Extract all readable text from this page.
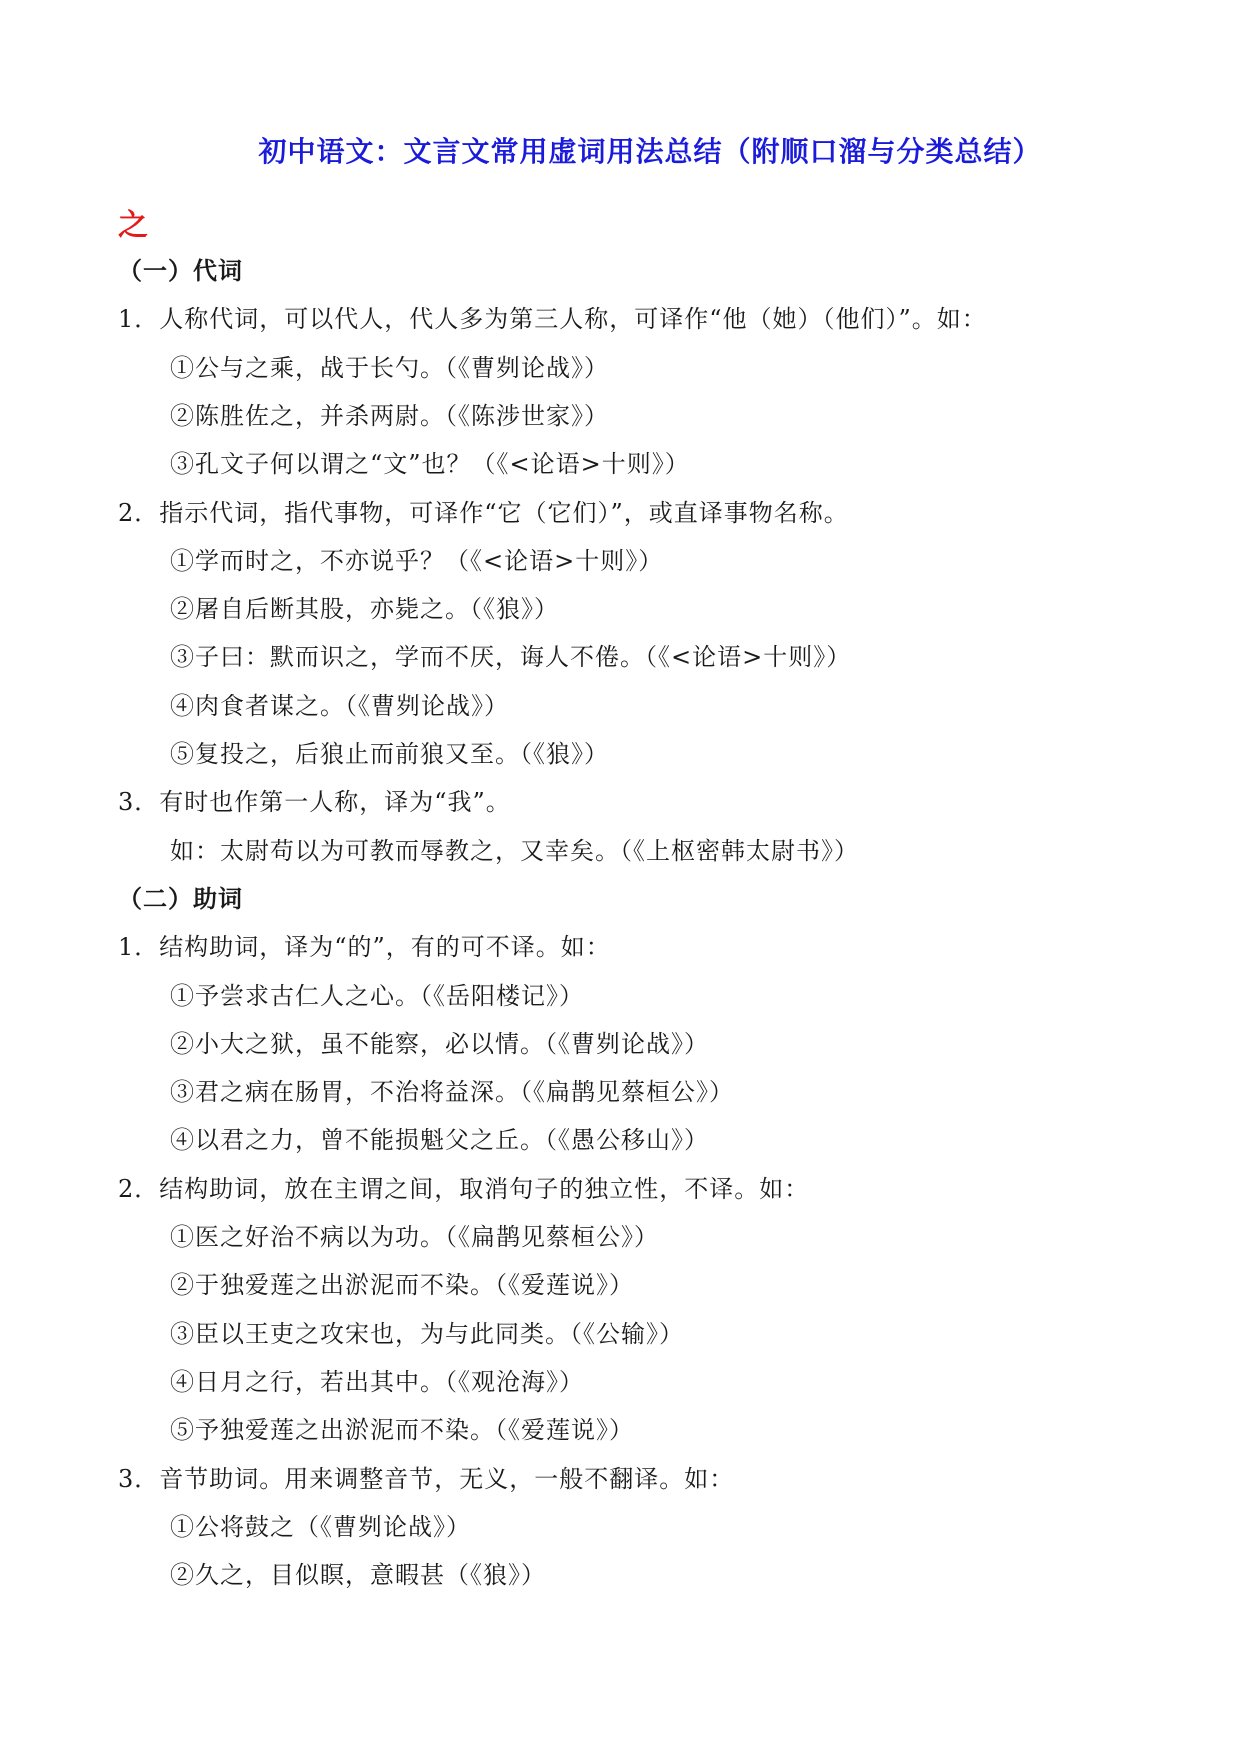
初中语文：文言文常用虚词用法总结（附顺口溜与分类总结）
之
（一）代词
1．人称代词，可以代人，代人多为第三人称，可译作“他（她）（他们）”。如：
①公与之乘，战于长勺。（《曹刿论战》）
②陈胜佐之，并杀两尉。（《陈涉世家》）
③孔文子何以谓之“文”也？（《<论语>十则》）
2．指示代词，指代事物，可译作“它（它们）”，或直译事物名称。
①学而时之，不亦说乎？（《<论语>十则》）
②屠自后断其股，亦毙之。（《狼》）
③子曰：默而识之，学而不厌，诲人不倦。（《<论语>十则》）
④肉食者谋之。（《曹刿论战》）
⑤复投之，后狼止而前狼又至。（《狼》）
3．有时也作第一人称，译为“我”。
如：太尉苟以为可教而辱教之，又幸矣。（《上枢密韩太尉书》）
（二）助词
1．结构助词，译为“的”，有的可不译。如：
①予尝求古仁人之心。（《岳阳楼记》）
②小大之狱，虽不能察，必以情。（《曹刿论战》）
③君之病在肠胃，不治将益深。（《扁鹊见蔡桓公》）
④以君之力，曾不能损魁父之丘。（《愚公移山》）
2．结构助词，放在主谓之间，取消句子的独立性，不译。如：
①医之好治不病以为功。（《扁鹊见蔡桓公》）
②于独爱莲之出淤泥而不染。（《爱莲说》）
③臣以王吏之攻宋也，为与此同类。（《公输》）
④日月之行，若出其中。（《观沧海》）
⑤予独爱莲之出淤泥而不染。（《爱莲说》）
3．音节助词。用来调整音节，无义，一般不翻译。如：
①公将鼓之（《曹刿论战》）
②久之，目似瞑，意暇甚（《狼》）
